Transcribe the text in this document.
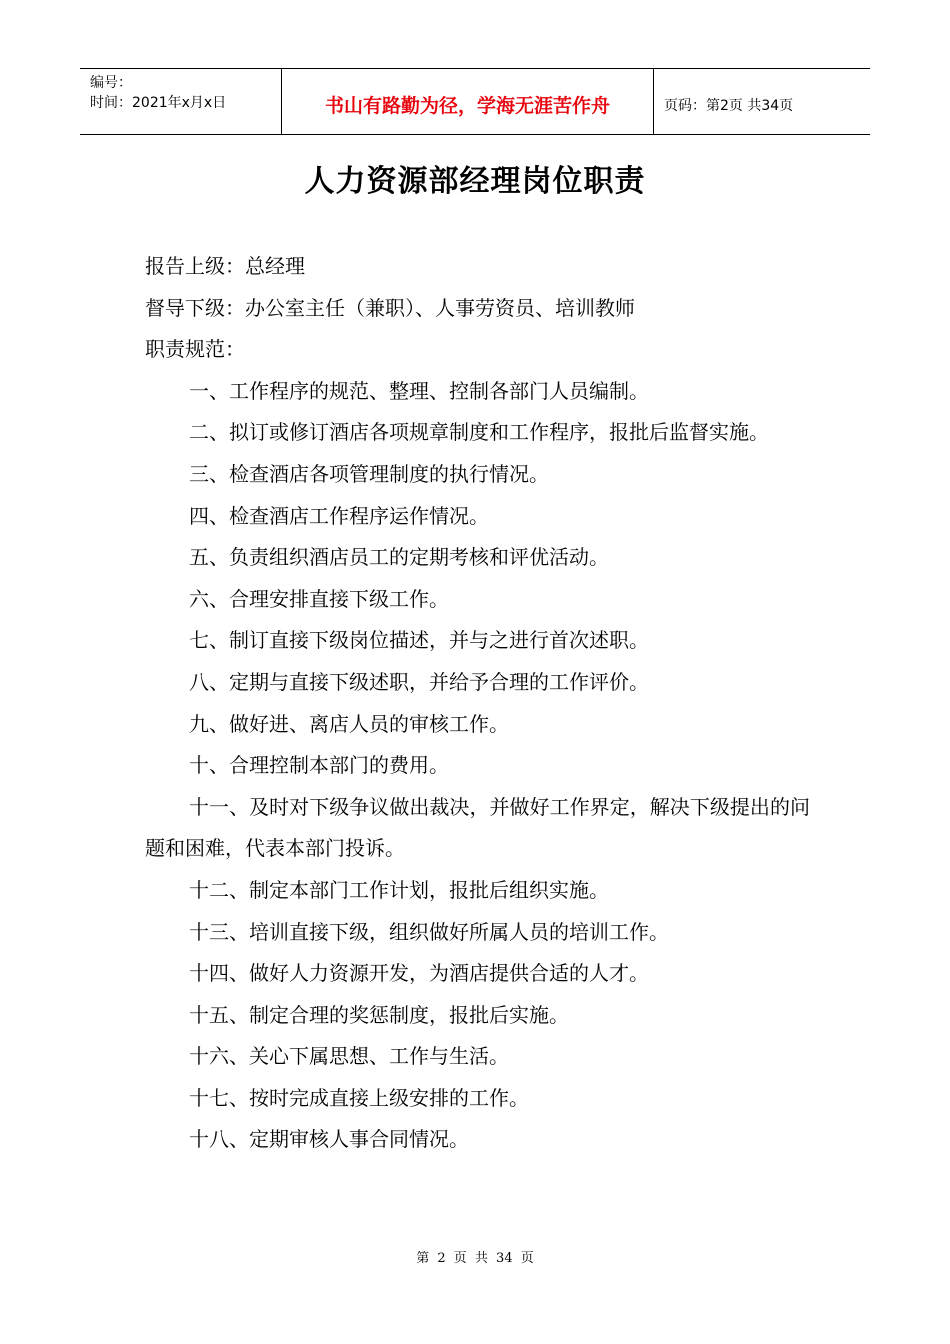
编号：
时间：2021年x月x日	书山有路勤为径，学海无涯苦作舟	页码：第2页 共34页
人力资源部经理岗位职责

报告上级：总经理

督导下级：办公室主任（兼职）、人事劳资员、培训教师

职责规范：

一、工作程序的规范、整理、控制各部门人员编制。

二、拟订或修订酒店各项规章制度和工作程序，报批后监督实施。

三、检查酒店各项管理制度的执行情况。

四、检查酒店工作程序运作情况。

五、负责组织酒店员工的定期考核和评优活动。

六、合理安排直接下级工作。

七、制订直接下级岗位描述，并与之进行首次述职。

八、定期与直接下级述职，并给予合理的工作评价。

九、做好进、离店人员的审核工作。

十、合理控制本部门的费用。

十一、及时对下级争议做出裁决，并做好工作界定，解决下级提出的问题和困难，代表本部门投诉。

十二、制定本部门工作计划，报批后组织实施。

十三、培训直接下级，组织做好所属人员的培训工作。

十四、做好人力资源开发，为酒店提供合适的人才。

十五、制定合理的奖惩制度，报批后实施。

十六、关心下属思想、工作与生活。

十七、按时完成直接上级安排的工作。

十八、定期审核人事合同情况。

第 2 页 共 34 页
